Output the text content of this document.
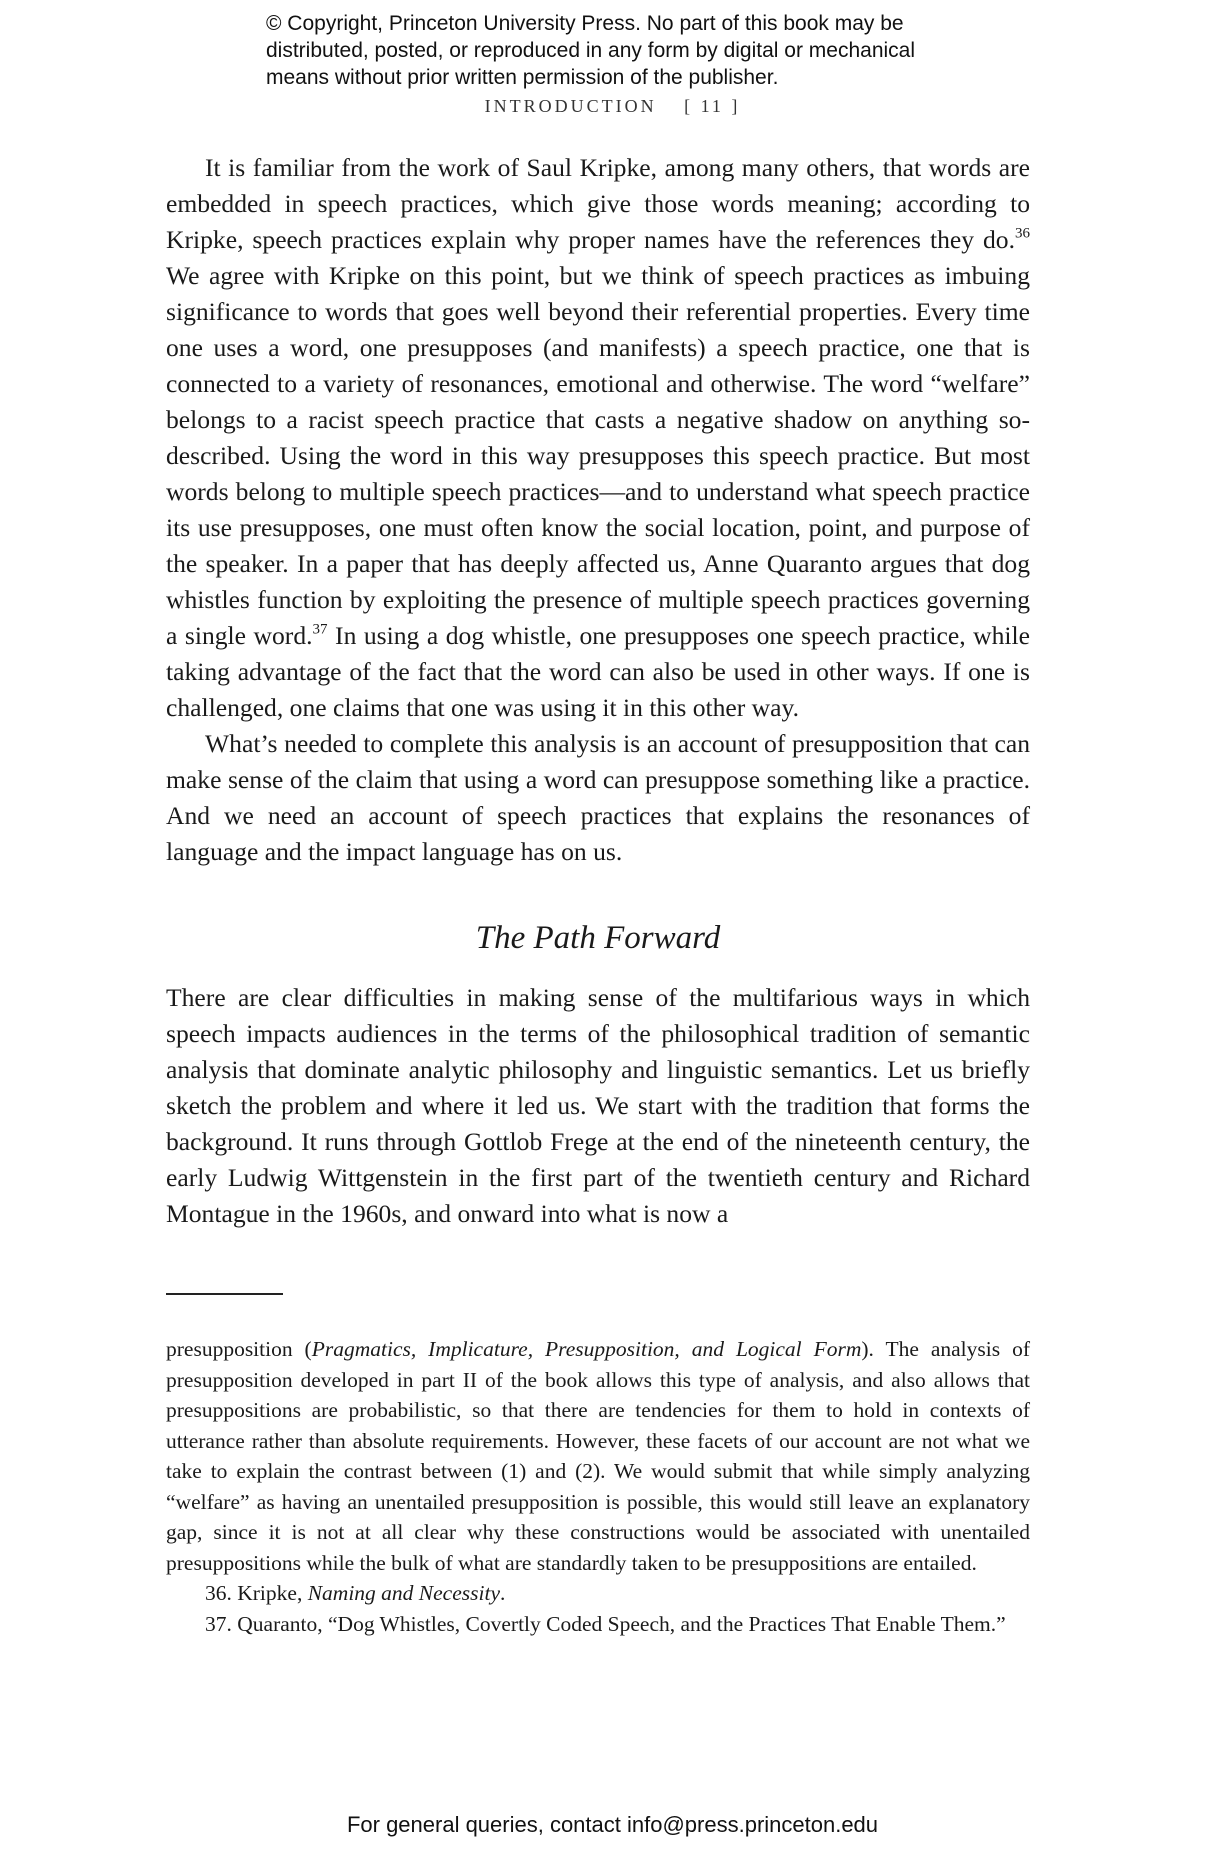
© Copyright, Princeton University Press. No part of this book may be

distributed, posted, or reproduced in any form by digital or mechanical

means without prior written permission of the publisher.

INTRODUCTION [ 11 ]

It is familiar from the work of Saul Kripke, among many others, that words are embedded in speech practices, which give those words meaning; according to Kripke, speech practices explain why proper names have the references they do.$^{36}$ We agree with Kripke on this point, but we think of speech practices as imbuing significance to words that goes well beyond their referential properties. Every time one uses a word, one presupposes (and manifests) a speech practice, one that is connected to a variety of resonances, emotional and otherwise. The word “welfare” belongs to a racist speech practice that casts a negative shadow on anything so-described. Using the word in this way presupposes this speech practice. But most words belong to multiple speech practices—and to understand what speech practice its use presupposes, one must often know the social location, point, and purpose of the speaker. In a paper that has deeply affected us, Anne Quaranto argues that dog whistles function by exploiting the presence of multiple speech practices governing a single word.$^{37}$ In using a dog whistle, one presupposes one speech practice, while taking advantage of the fact that the word can also be used in other ways. If one is challenged, one claims that one was using it in this other way.

What’s needed to complete this analysis is an account of presupposition that can make sense of the claim that using a word can presuppose something like a practice. And we need an account of speech practices that explains the resonances of language and the impact language has on us.

The Path Forward

There are clear difficulties in making sense of the multifarious ways in which speech impacts audiences in the terms of the philosophical tradition of semantic analysis that dominate analytic philosophy and linguistic semantics. Let us briefly sketch the problem and where it led us. We start with the tradition that forms the background. It runs through Gottlob Frege at the end of the nineteenth century, the early Ludwig Wittgenstein in the first part of the twentieth century and Richard Montague in the 1960s, and onward into what is now a

presupposition (Pragmatics, Implicature, Presupposition, and Logical Form). The analysis of presupposition developed in part II of the book allows this type of analysis, and also allows that presuppositions are probabilistic, so that there are tendencies for them to hold in contexts of utterance rather than absolute requirements. However, these facets of our account are not what we take to explain the contrast between (1) and (2). We would submit that while simply analyzing “welfare” as having an unentailed presupposition is possible, this would still leave an explanatory gap, since it is not at all clear why these constructions would be associated with unentailed presuppositions while the bulk of what are standardly taken to be presuppositions are entailed.

36. Kripke, Naming and Necessity.

37. Quaranto, “Dog Whistles, Covertly Coded Speech, and the Practices That Enable Them.”

For general queries, contact info@press.princeton.edu
